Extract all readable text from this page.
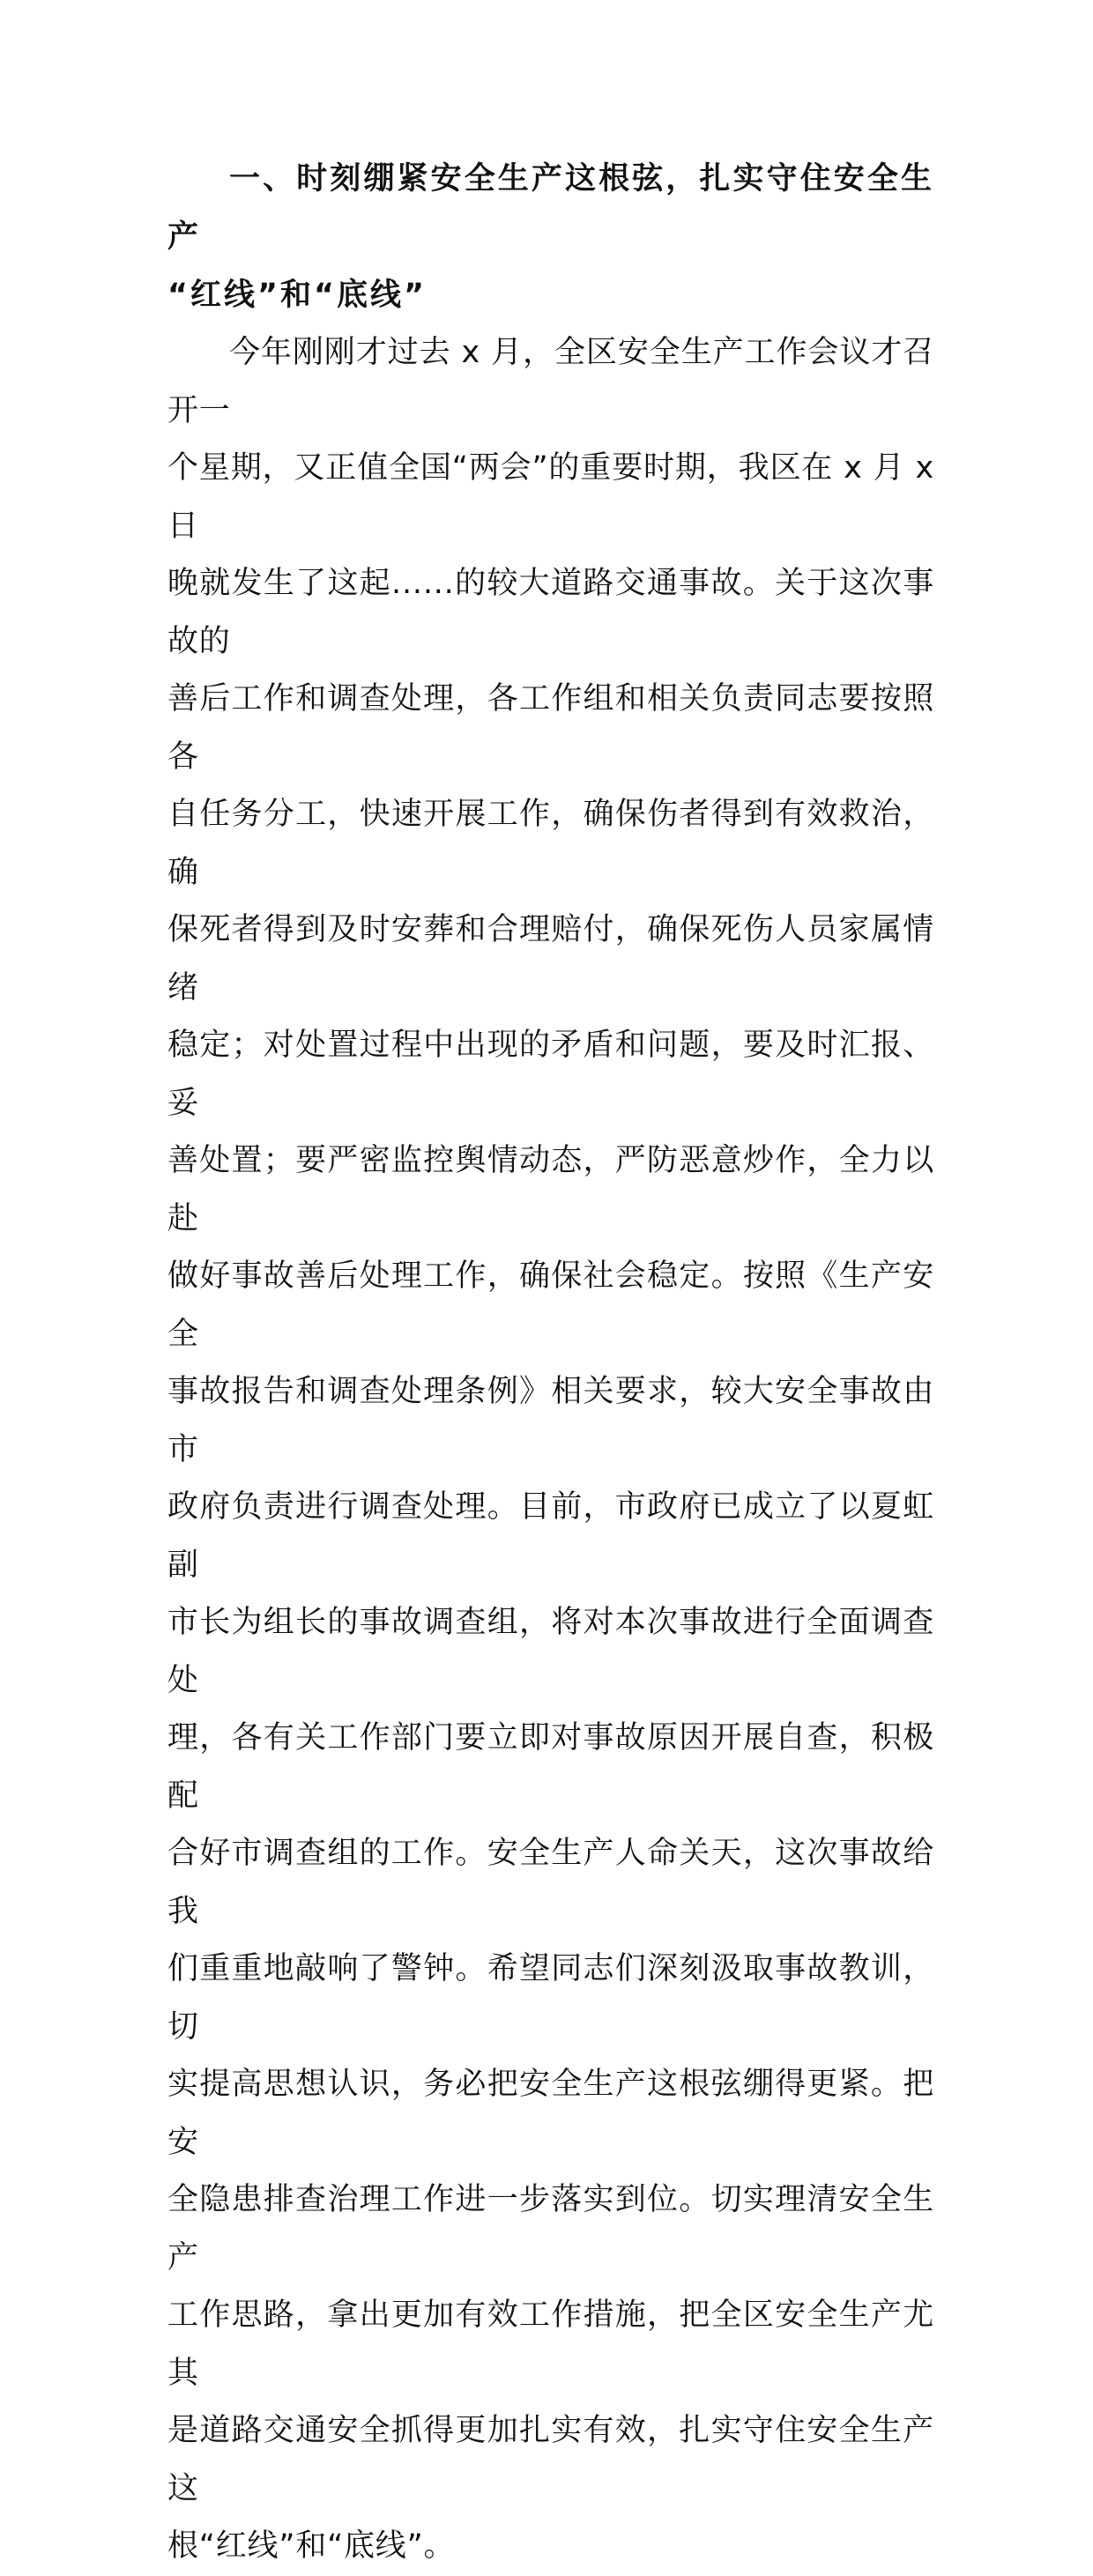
一、时刻绷紧安全生产这根弦，扎实守住安全生产
“红线”和“底线”

今年刚刚才过去 x 月，全区安全生产工作会议才召开一
个星期，又正值全国“两会”的重要时期，我区在 x 月 x 日
晚就发生了这起......的较大道路交通事故。关于这次事故的
善后工作和调查处理，各工作组和相关负责同志要按照各
自任务分工，快速开展工作，确保伤者得到有效救治，确
保死者得到及时安葬和合理赔付，确保死伤人员家属情绪
稳定；对处置过程中出现的矛盾和问题，要及时汇报、妥
善处置；要严密监控舆情动态，严防恶意炒作，全力以赴
做好事故善后处理工作，确保社会稳定。按照《生产安全
事故报告和调查处理条例》相关要求，较大安全事故由市
政府负责进行调查处理。目前，市政府已成立了以夏虹副
市长为组长的事故调查组，将对本次事故进行全面调查处
理，各有关工作部门要立即对事故原因开展自查，积极配
合好市调查组的工作。安全生产人命关天，这次事故给我
们重重地敲响了警钟。希望同志们深刻汲取事故教训，切
实提高思想认识，务必把安全生产这根弦绷得更紧。把安
全隐患排查治理工作进一步落实到位。切实理清安全生产
工作思路，拿出更加有效工作措施，把全区安全生产尤其
是道路交通安全抓得更加扎实有效，扎实守住安全生产这
根“红线”和“底线”。
